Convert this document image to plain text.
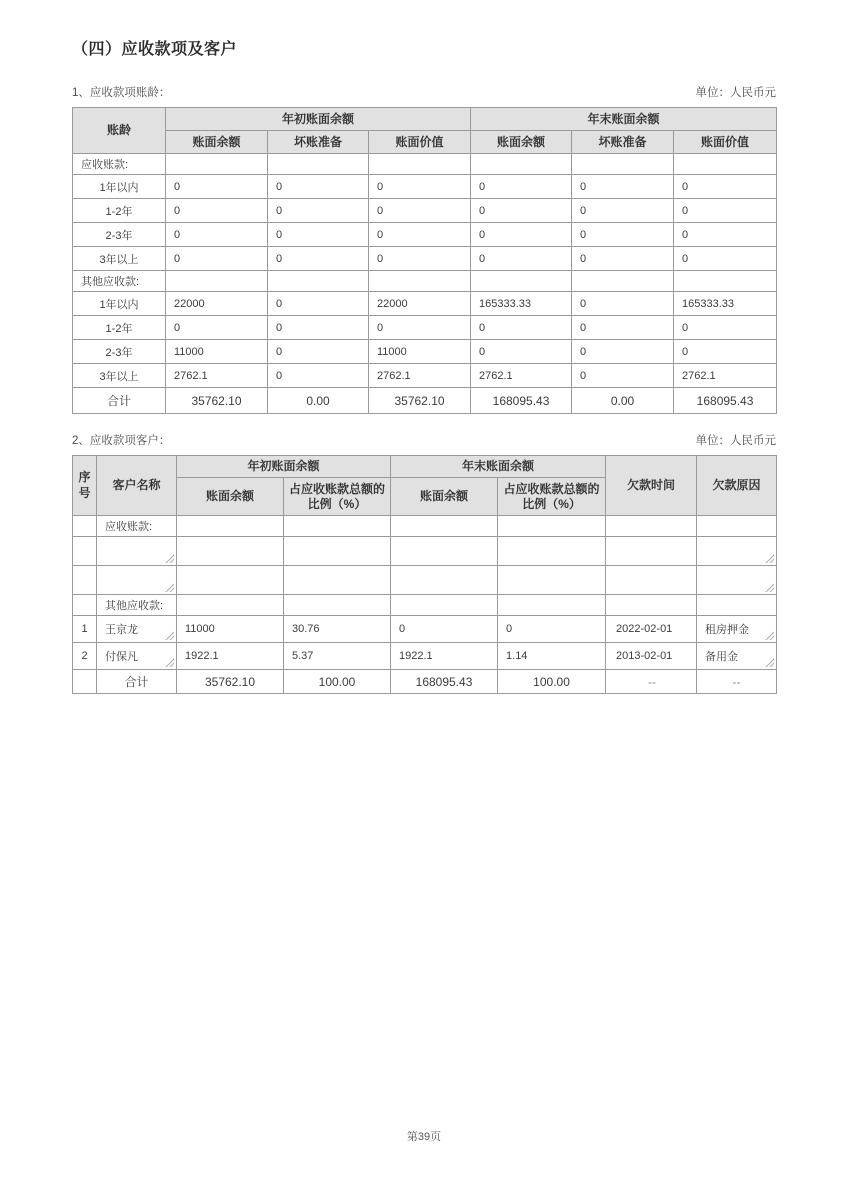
（四）应收款项及客户
1、应收款项账龄：	单位：人民币元
账龄	年初账面余额			年末账面余额		
	账面余额	坏账准备	账面价值	账面余额	坏账准备	账面价值
应收账款:						
1年以内	0	0	0	0	0	0
1-2年	0	0	0	0	0	0
2-3年	0	0	0	0	0	0
3年以上	0	0	0	0	0	0
其他应收款:						
1年以内	22000	0	22000	165333.33	0	165333.33
1-2年	0	0	0	0	0	0
2-3年	11000	0	11000	0	0	0
3年以上	2762.1	0	2762.1	2762.1	0	2762.1
合计	35762.10	0.00	35762.10	168095.43	0.00	168095.43
2、应收款项客户：	单位：人民币元
序号	客户名称	年初账面余额		年末账面余额		欠款时间	欠款原因
		账面余额	占应收账款总额的比例（%）	账面余额	占应收账款总额的比例（%）		
	应收账款:						

	其他应收款:						
1	王京龙	11000	30.76	0	0	2022-02-01	租房押金

2	付保凡	1922.1	5.37	1922.1	1.14	2013-02-01	备用金

	合计	35762.10	100.00	168095.43	100.00	--	--
第39页
